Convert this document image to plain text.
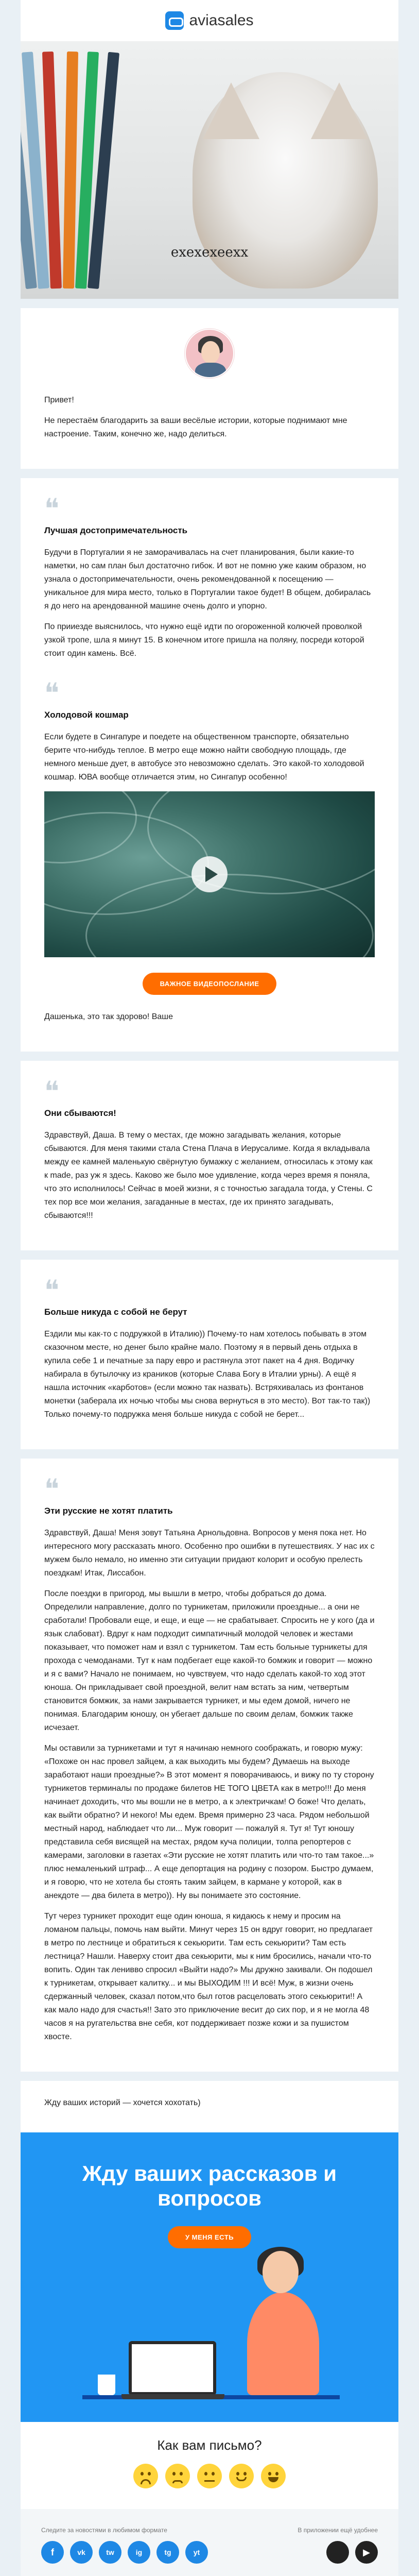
aviasales
ехехехеехх

Привет!

Не перестаём благодарить за ваши весёлые истории, которые поднимают мне настроение. Таким, конечно же, надо делиться.

❝
Лучшая достопримечательность

Будучи в Португалии я не заморачивалась на счет планирования, были какие-то наметки, но сам план был достаточно гибок. И вот не помню уже каким образом, но узнала о достопримечательности, очень рекомендованной к посещению — уникальное для мира место, только в Португалии такое будет! В общем, добиралась я до него на арендованной машине очень долго и упорно.

По прииезде выяснилось, что нужно ещё идти по огороженной колючей проволкой узкой тропе, шла я минут 15. В конечном итоге пришла на поляну, посреди которой стоит один камень. Всё.

❝
Холодовой кошмар

Если будете в Сингапуре и поедете на общественном транспорте, обязательно берите что-нибудь теплое. В метро еще можно найти свободную площадь, где немного меньше дует, в автобусе это невозможно сделать. Это какой-то холодовой кошмар. ЮВА вообще отличается этим, но Сингапур особенно!

ВАЖНОЕ ВИДЕОПОСЛАНИЕ

Дашенька, это так здорово! Ваше

❝
Они сбываются!

Здравствуй, Даша. В тему о местах, где можно загадывать желания, которые сбываются. Для меня такими стала Стена Плача в Иерусалиме. Когда я вкладывала между ее камней маленькую свёрнутую бумажку с желанием, относилась к этому как к made, раз уж я здесь. Каково же было мое удивление, когда через время я поняла, что это исполнилось! Сейчас в моей жизни, я с точностью загадала тогда, у Стены. С тех пор все мои желания, загаданные в местах, где их принято загадывать, сбываются!!!

❝
Больше никуда с собой не берут

Ездили мы как-то с подружкой в Италию)) Почему-то нам хотелось побывать в этом сказочном месте, но денег было крайне мало. Поэтому я в первый день отдыха в купила себе 1 и печатные за пару евро и растянула этот пакет на 4 дня. Водичку набирала в бутылочку из краников (которые Слава Богу в Италии урны). А ещё я нашла источник «карботов» (если можно так назвать). Встряхивалась из фонтанов монетки (заберала их ночью чтобы мы снова вернуться в это место). Вот так-то так)) Только почему-то подружка меня больше никуда с собой не берет...

❝
Эти русские не хотят платить

Здравствуй, Даша! Меня зовут Татьяна Арнольдовна. Вопросов у меня пока нет. Но интересного могу рассказать много. Особенно про ошибки в путешествиях. У нас их с мужем было немало, но именно эти ситуации придают колорит и особую прелесть поездкам! Итак, Лиссабон.

После поездки в пригород, мы вышли в метро, чтобы добраться до дома. Определили направление, долго по турникетам, приложили проездные... а они не сработали! Пробовали еще, и еще, и еще — не срабатывает. Спросить не у кого (да и язык слабоват). Вдруг к нам подходит симпатичный молодой человек и жестами показывает, что поможет нам и взял с турникетом. Там есть больные турникеты для прохода с чемоданами. Тут к нам подбегает еще какой-то бомжик и говорит — можно и я с вами? Начало не понимаем, но чувствуем, что надо сделать какой-то ход этот юноша. Он прикладывает свой проездной, велит нам встать за ним, четвертым становится бомжик, за нами закрывается турникет, и мы едем домой, ничего не понимая. Благодарим юношу, он убегает дальше по своим делам, бомжик также исчезает.

Мы оставили за турникетами и тут я начинаю немного соображать, и говорю мужу: «Похоже он нас провел зайцем, а как выходить мы будем? Думаешь на выходе заработают наши проездные?» В этот момент я поворачиваюсь, и вижу по ту сторону турникетов терминалы по продаже билетов НЕ ТОГО ЦВЕТА как в метро!!! До меня начинает доходить, что мы вошли не в метро, а к электричкам! О боже! Что делать, как выйти обратно? И некого! Мы едем. Время примерно 23 часа. Рядом небольшой местный народ, наблюдает что ли... Муж говорит — пожалуй я. Тут я! Тут юношу представила себя висящей на местах, рядом куча полиции, толпа репортеров с камерами, заголовки в газетах «Эти русские не хотят платить или что-то там такое...» плюс немаленький штраф... А еще депортация на родину с позором. Быстро думаем, и я говорю, что не хотела бы стоять таким зайцем, в кармане у которой, как в анекдоте — два билета в метро)). Ну вы понимаете это состояние.

Тут через турникет проходит еще один юноша, я кидаюсь к нему и просим на ломаном пальцы, помочь нам выйти. Минут через 15 он вдруг говорит, но предлагает в метро по лестнице и обратиться к секьюрити. Там есть секьюрити? Там есть лестница? Нашли. Наверху стоит два секьюрити, мы к ним бросились, начали что-то вопить. Один так ленивво спросил «Выйти надо?» Мы дружно закивали. Он подошел к турникетам, открывает калитку... и мы ВЫХОДИМ !!! И всё! Муж, в жизни очень сдержанный человек, сказал потом,что был готов расцеловать этого секьюрити!! А как мало надо для счастья!! Зато это приключение весит до сих пор, и я не могла 48 часов я на ругательства вне себя, кот поддерживает позже кожи и за пушистом хвосте.

Жду ваших историй — хочется хохотать)

Жду ваших рассказов и вопросов
У МЕНЯ ЕСТЬ
Как вам письмо?
Следите за новостями в любимом формате
f	vk	tw	ig	tg	yt
В приложении ещё удобнее
▶
